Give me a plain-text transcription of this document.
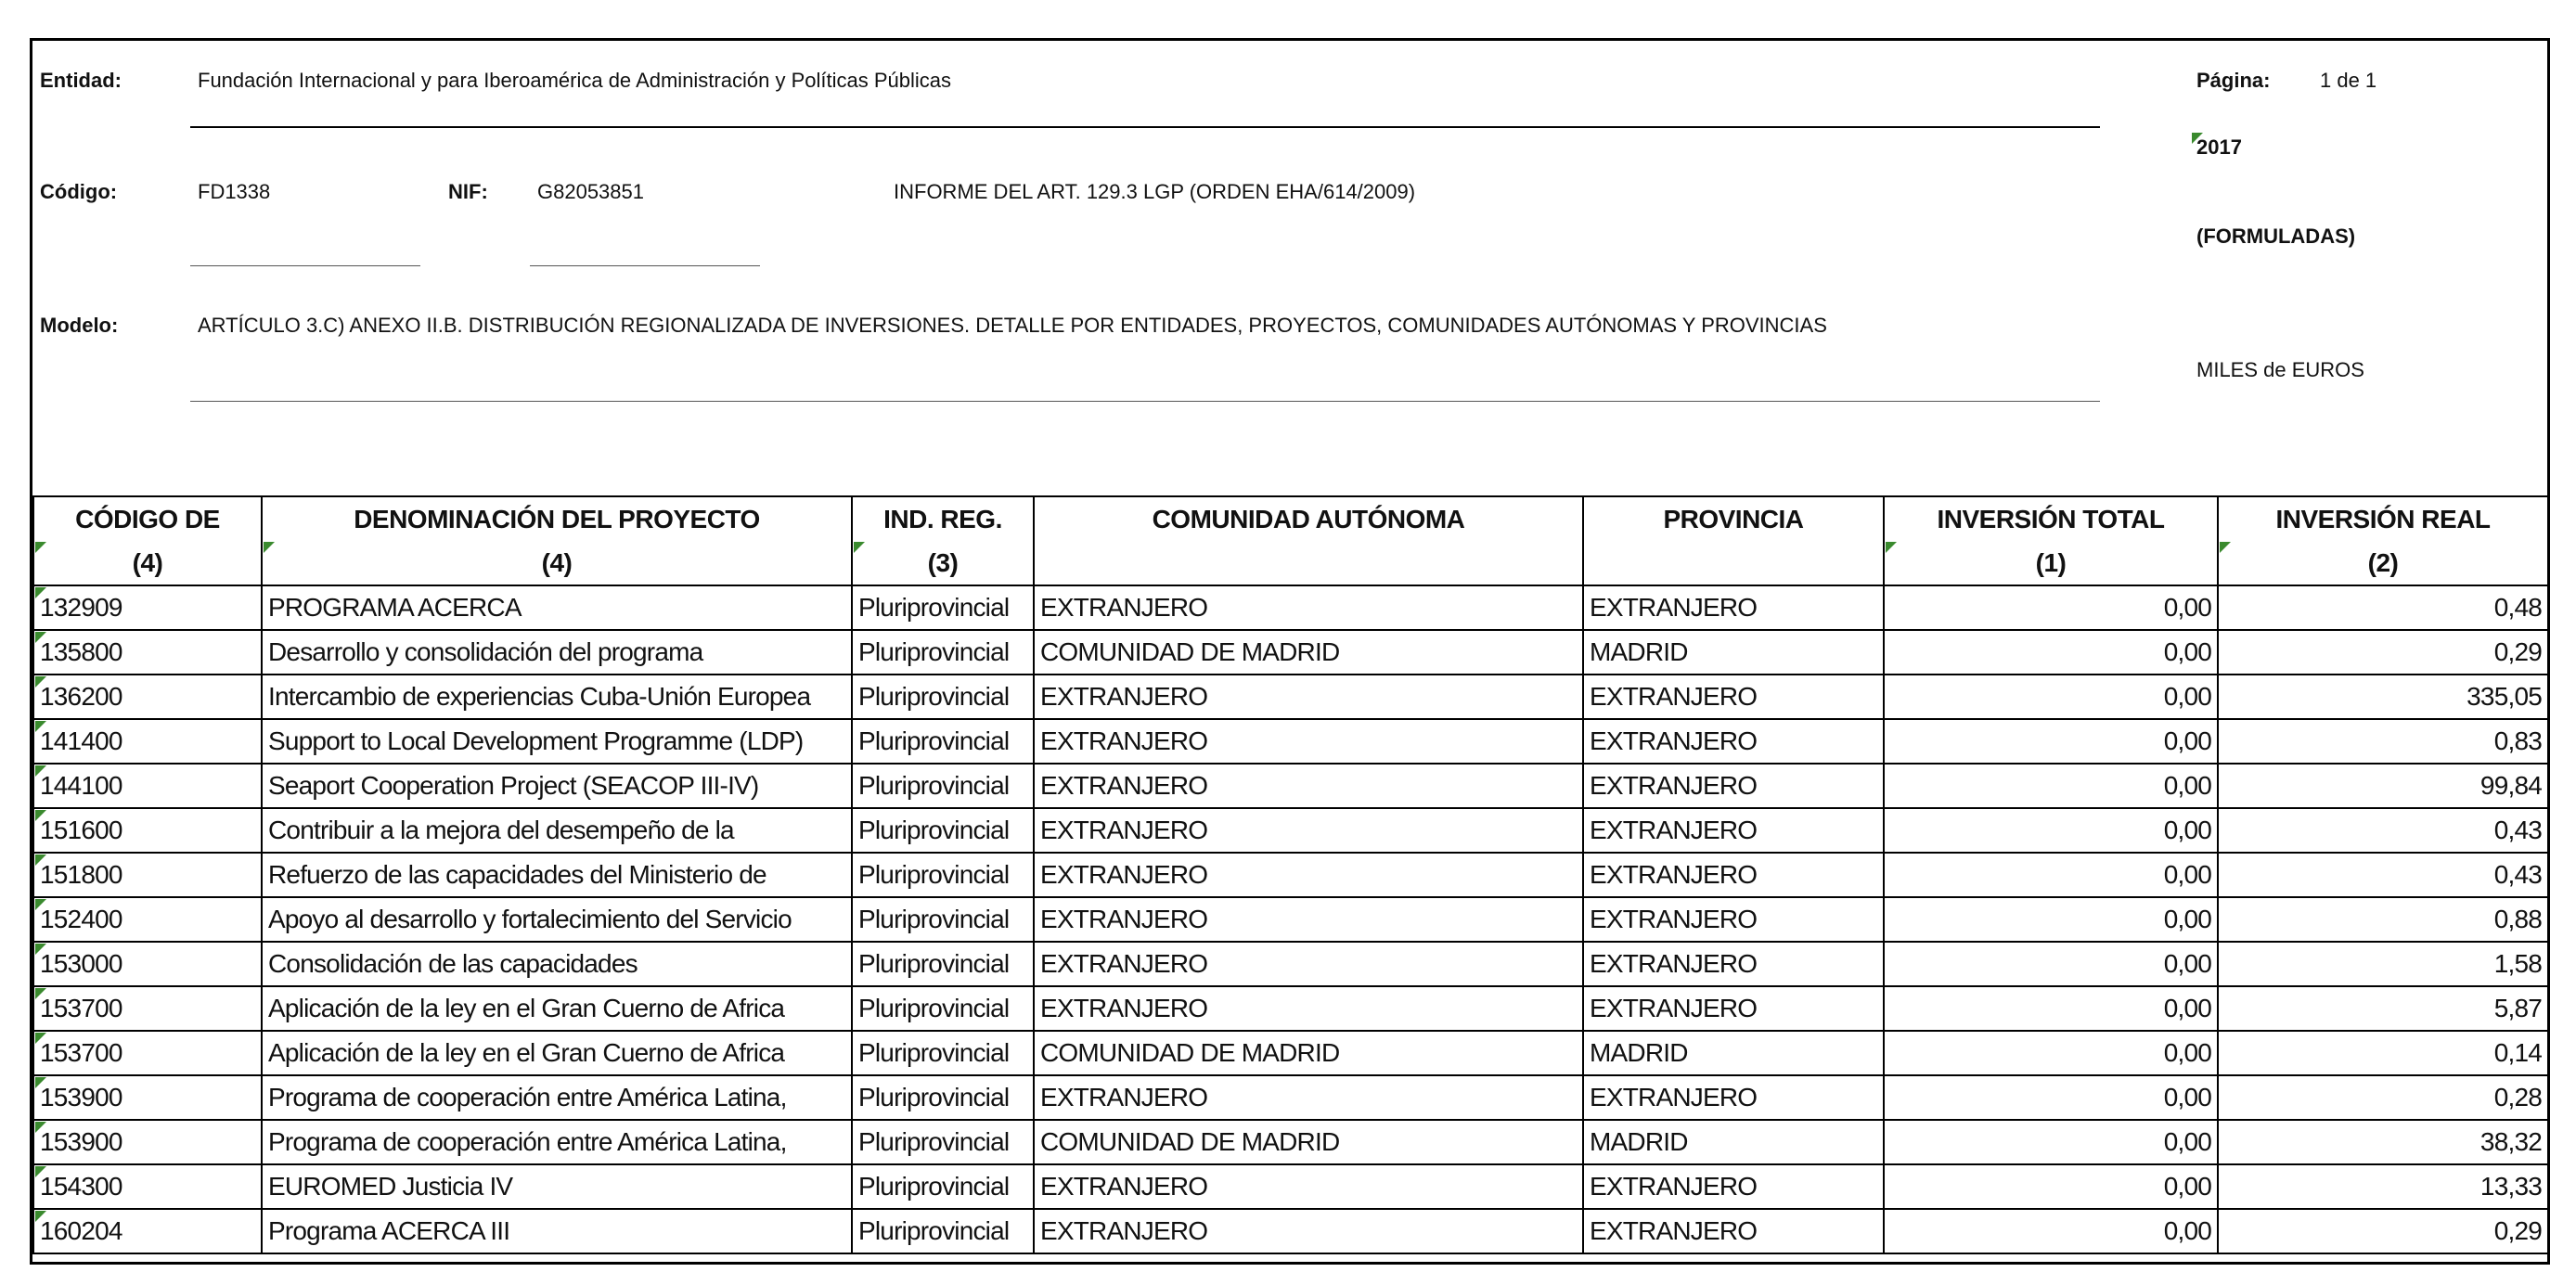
Entidad:	Fundación Internacional y para Iberoamérica de Administración y Políticas Públicas	Página: 1 de 1
2017
Código:	FD1338	NIF: G82053851	INFORME DEL ART. 129.3 LGP (ORDEN EHA/614/2009)
(FORMULADAS)
Modelo:	ARTÍCULO 3.C) ANEXO II.B. DISTRIBUCIÓN REGIONALIZADA DE INVERSIONES. DETALLE POR ENTIDADES, PROYECTOS, COMUNIDADES AUTÓNOMAS Y PROVINCIAS
MILES de EUROS
CÓDIGO DE	DENOMINACIÓN DEL PROYECTO	IND. REG.	COMUNIDAD AUTÓNOMA	PROVINCIA	INVERSIÓN TOTAL	INVERSIÓN REAL

(4)	(4)	(3)			(1)	(2)

132909	PROGRAMA ACERCA	Pluriprovincial	EXTRANJERO	EXTRANJERO	0,00	0,48

135800	Desarrollo y consolidación del programa	Pluriprovincial	COMUNIDAD DE MADRID	MADRID	0,00	0,29

136200	Intercambio de experiencias Cuba-Unión Europea	Pluriprovincial	EXTRANJERO	EXTRANJERO	0,00	335,05

141400	Support to Local Development Programme (LDP)	Pluriprovincial	EXTRANJERO	EXTRANJERO	0,00	0,83

144100	Seaport Cooperation Project (SEACOP III-IV)	Pluriprovincial	EXTRANJERO	EXTRANJERO	0,00	99,84

151600	Contribuir a la mejora del desempeño de la	Pluriprovincial	EXTRANJERO	EXTRANJERO	0,00	0,43

151800	Refuerzo de las capacidades del Ministerio de	Pluriprovincial	EXTRANJERO	EXTRANJERO	0,00	0,43

152400	Apoyo al desarrollo y fortalecimiento del Servicio	Pluriprovincial	EXTRANJERO	EXTRANJERO	0,00	0,88

153000	Consolidación de las capacidades	Pluriprovincial	EXTRANJERO	EXTRANJERO	0,00	1,58

153700	Aplicación de la ley en el Gran Cuerno de Africa	Pluriprovincial	EXTRANJERO	EXTRANJERO	0,00	5,87

153700	Aplicación de la ley en el Gran Cuerno de Africa	Pluriprovincial	COMUNIDAD DE MADRID	MADRID	0,00	0,14

153900	Programa de cooperación entre América Latina,	Pluriprovincial	EXTRANJERO	EXTRANJERO	0,00	0,28

153900	Programa de cooperación entre América Latina,	Pluriprovincial	COMUNIDAD DE MADRID	MADRID	0,00	38,32

154300	EUROMED Justicia IV	Pluriprovincial	EXTRANJERO	EXTRANJERO	0,00	13,33

160204	Programa ACERCA III	Pluriprovincial	EXTRANJERO	EXTRANJERO	0,00	0,29
